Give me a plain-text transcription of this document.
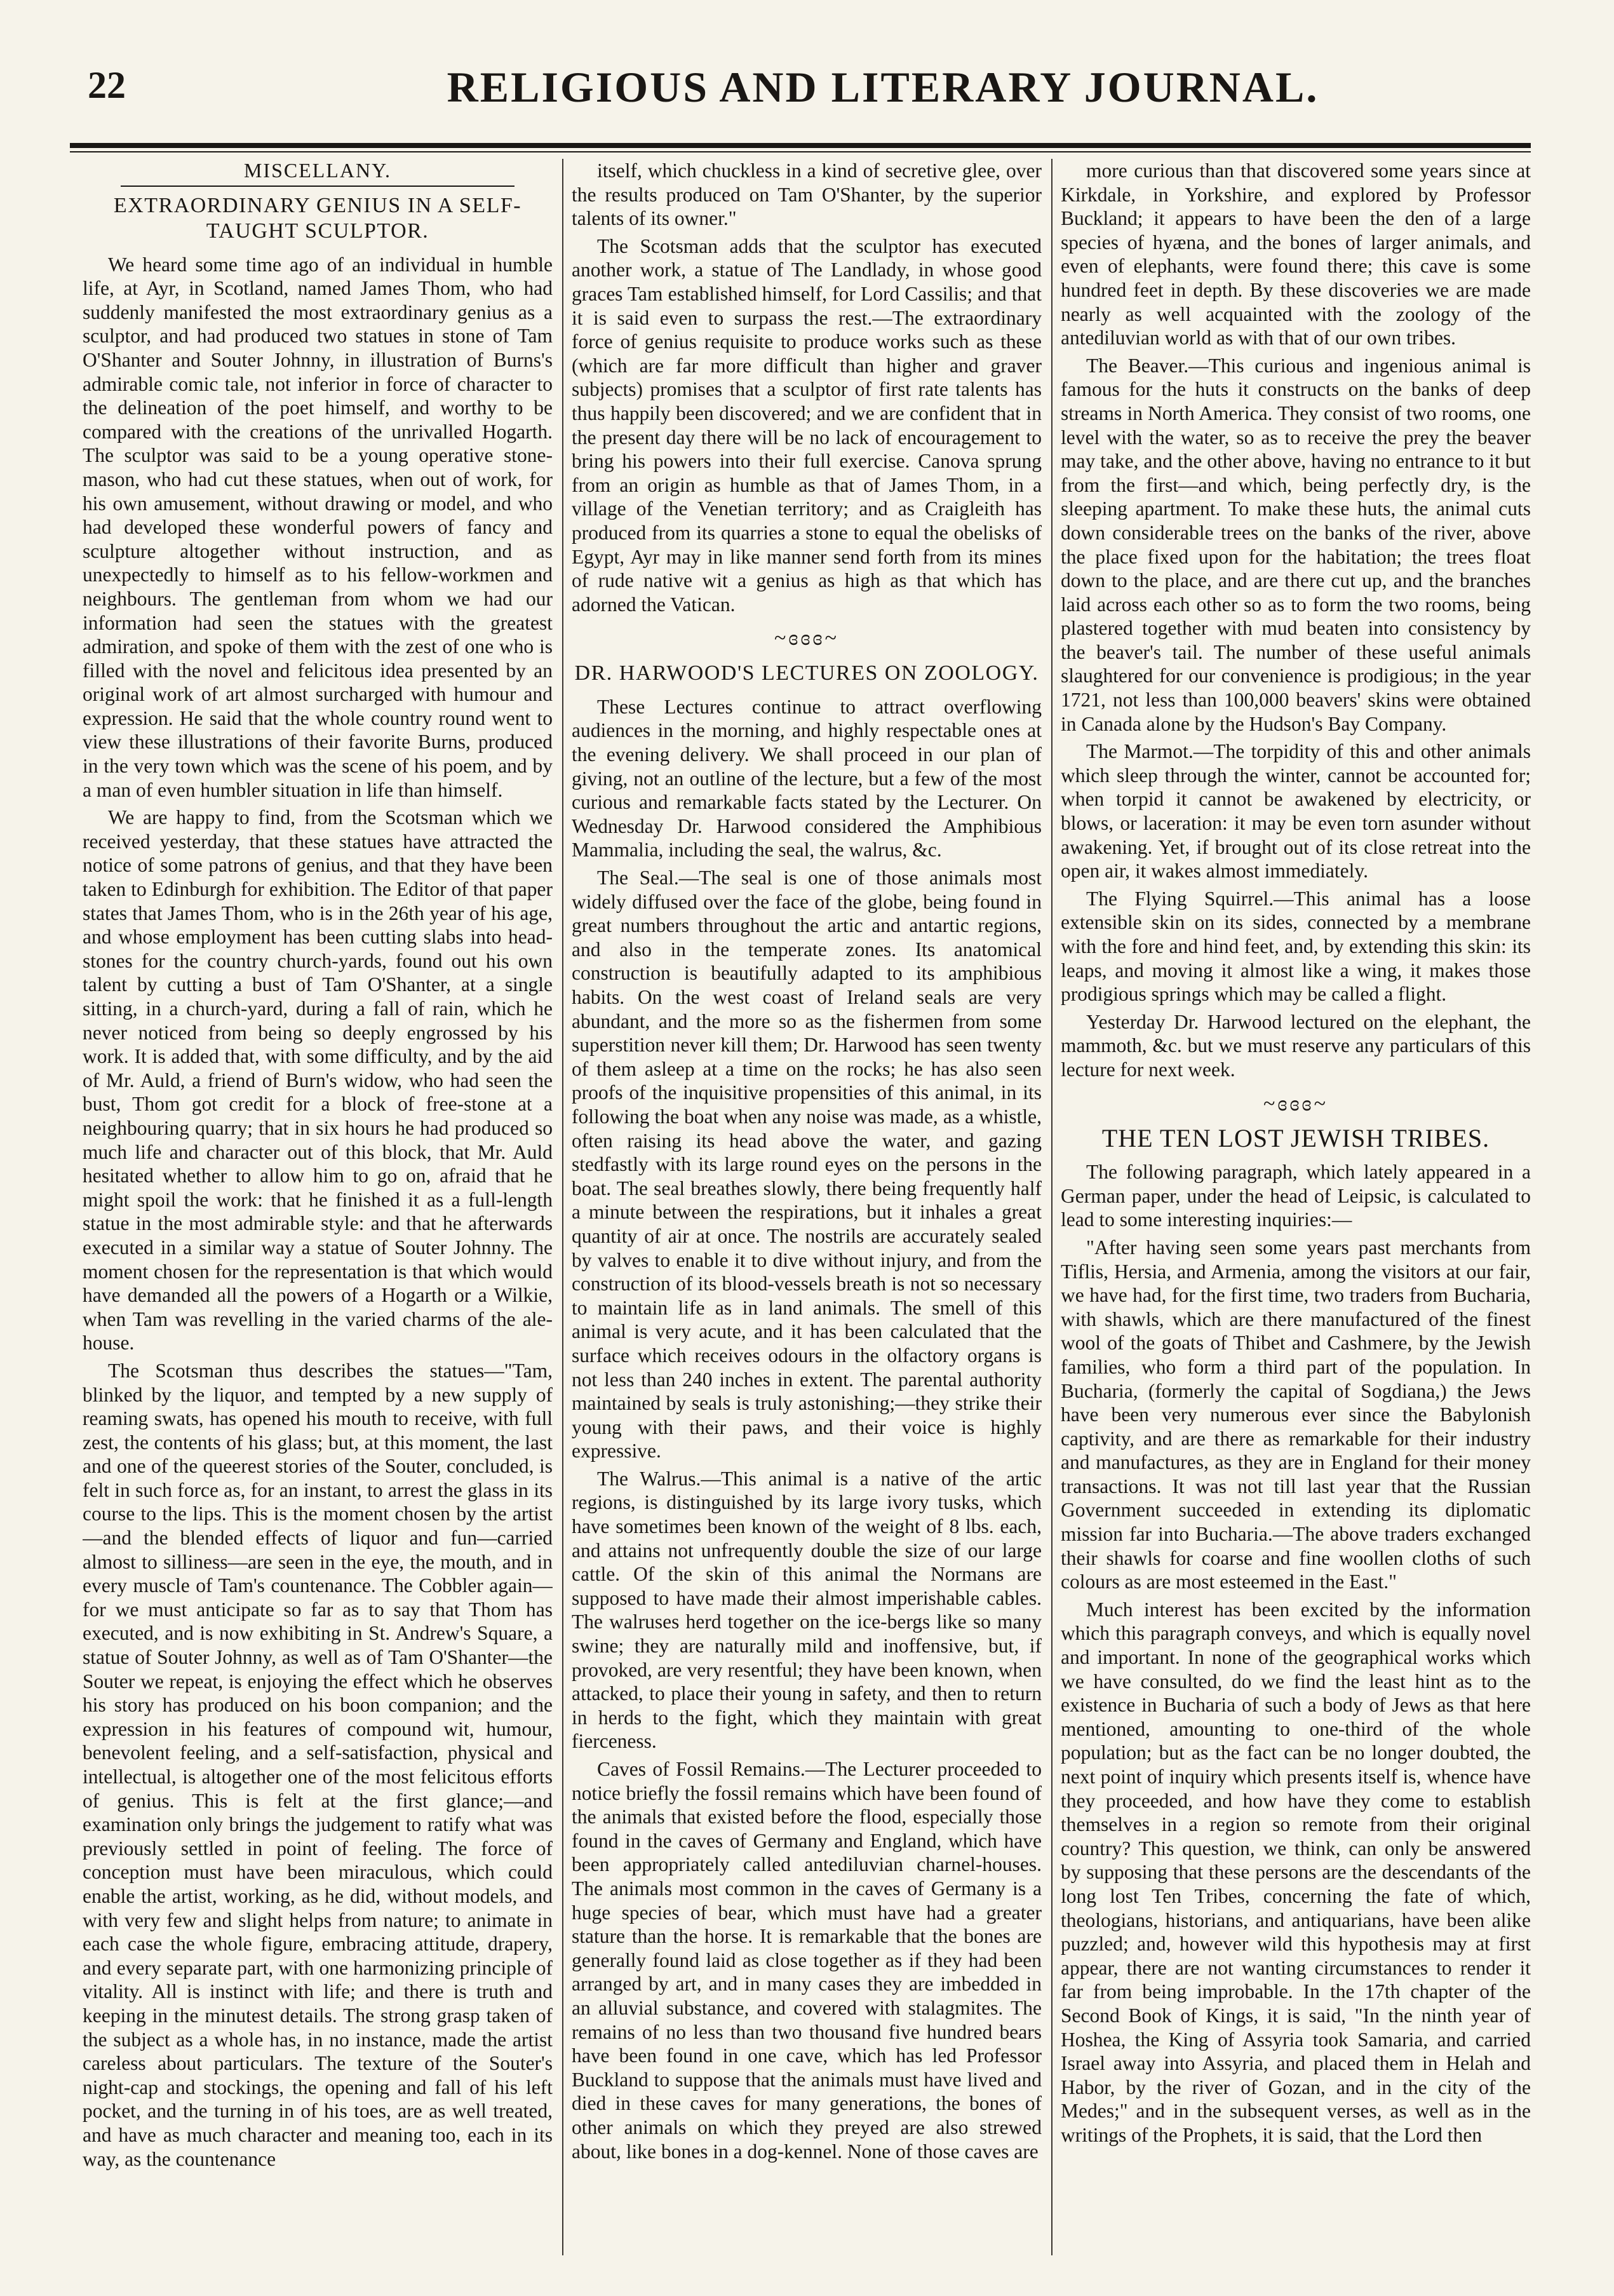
22	RELIGIOUS AND LITERARY JOURNAL.
MISCELLANY.
EXTRAORDINARY GENIUS IN A SELF-TAUGHT SCULPTOR.

We heard some time ago of an individual in humble life, at Ayr, in Scotland, named James Thom, who had suddenly manifested the most extraordinary genius as a sculptor, and had produced two statues in stone of Tam O'Shanter and Souter Johnny, in illustration of Burns's admirable comic tale, not inferior in force of character to the delineation of the poet himself, and worthy to be compared with the creations of the unrivalled Hogarth. The sculptor was said to be a young operative stone-mason, who had cut these statues, when out of work, for his own amusement, without drawing or model, and who had developed these wonderful powers of fancy and sculpture altogether without instruction, and as unexpectedly to himself as to his fellow-workmen and neighbours. The gentleman from whom we had our information had seen the statues with the greatest admiration, and spoke of them with the zest of one who is filled with the novel and felicitous idea presented by an original work of art almost surcharged with humour and expression. He said that the whole country round went to view these illustrations of their favorite Burns, produced in the very town which was the scene of his poem, and by a man of even humbler situation in life than himself.

We are happy to find, from the Scotsman which we received yesterday, that these statues have attracted the notice of some patrons of genius, and that they have been taken to Edinburgh for exhibition. The Editor of that paper states that James Thom, who is in the 26th year of his age, and whose employment has been cutting slabs into head-stones for the country church-yards, found out his own talent by cutting a bust of Tam O'Shanter, at a single sitting, in a church-yard, during a fall of rain, which he never noticed from being so deeply engrossed by his work. It is added that, with some difficulty, and by the aid of Mr. Auld, a friend of Burn's widow, who had seen the bust, Thom got credit for a block of free-stone at a neighbouring quarry; that in six hours he had produced so much life and character out of this block, that Mr. Auld hesitated whether to allow him to go on, afraid that he might spoil the work: that he finished it as a full-length statue in the most admirable style: and that he afterwards executed in a similar way a statue of Souter Johnny. The moment chosen for the representation is that which would have demanded all the powers of a Hogarth or a Wilkie, when Tam was revelling in the varied charms of the ale-house.

The Scotsman thus describes the statues—"Tam, blinked by the liquor, and tempted by a new supply of reaming swats, has opened his mouth to receive, with full zest, the contents of his glass; but, at this moment, the last and one of the queerest stories of the Souter, concluded, is felt in such force as, for an instant, to arrest the glass in its course to the lips. This is the moment chosen by the artist—and the blended effects of liquor and fun—carried almost to silliness—are seen in the eye, the mouth, and in every muscle of Tam's countenance. The Cobbler again—for we must anticipate so far as to say that Thom has executed, and is now exhibiting in St. Andrew's Square, a statue of Souter Johnny, as well as of Tam O'Shanter—the Souter we repeat, is enjoying the effect which he observes his story has produced on his boon companion; and the expression in his features of compound wit, humour, benevolent feeling, and a self-satisfaction, physical and intellectual, is altogether one of the most felicitous efforts of genius. This is felt at the first glance;—and examination only brings the judgement to ratify what was previously settled in point of feeling. The force of conception must have been miraculous, which could enable the artist, working, as he did, without models, and with very few and slight helps from nature; to animate in each case the whole figure, embracing attitude, drapery, and every separate part, with one harmonizing principle of vitality. All is instinct with life; and there is truth and keeping in the minutest details. The strong grasp taken of the subject as a whole has, in no instance, made the artist careless about particulars. The texture of the Souter's night-cap and stockings, the opening and fall of his left pocket, and the turning in of his toes, are as well treated, and have as much character and meaning too, each in its way, as the countenance

itself, which chuckless in a kind of secretive glee, over the results produced on Tam O'Shanter, by the superior talents of its owner."

The Scotsman adds that the sculptor has executed another work, a statue of The Landlady, in whose good graces Tam established himself, for Lord Cassilis; and that it is said even to surpass the rest.—The extraordinary force of genius requisite to produce works such as these (which are far more difficult than higher and graver subjects) promises that a sculptor of first rate talents has thus happily been discovered; and we are confident that in the present day there will be no lack of encouragement to bring his powers into their full exercise. Canova sprung from an origin as humble as that of James Thom, in a village of the Venetian territory; and as Craigleith has produced from its quarries a stone to equal the obelisks of Egypt, Ayr may in like manner send forth from its mines of rude native wit a genius as high as that which has adorned the Vatican.

~ɞɞɞ~
DR. HARWOOD'S LECTURES ON ZOOLOGY.

These Lectures continue to attract overflowing audiences in the morning, and highly respectable ones at the evening delivery. We shall proceed in our plan of giving, not an outline of the lecture, but a few of the most curious and remarkable facts stated by the Lecturer. On Wednesday Dr. Harwood considered the Amphibious Mammalia, including the seal, the walrus, &c.

The Seal.—The seal is one of those animals most widely diffused over the face of the globe, being found in great numbers throughout the artic and antartic regions, and also in the temperate zones. Its anatomical construction is beautifully adapted to its amphibious habits. On the west coast of Ireland seals are very abundant, and the more so as the fishermen from some superstition never kill them; Dr. Harwood has seen twenty of them asleep at a time on the rocks; he has also seen proofs of the inquisitive propensities of this animal, in its following the boat when any noise was made, as a whistle, often raising its head above the water, and gazing stedfastly with its large round eyes on the persons in the boat. The seal breathes slowly, there being frequently half a minute between the respirations, but it inhales a great quantity of air at once. The nostrils are accurately sealed by valves to enable it to dive without injury, and from the construction of its blood-vessels breath is not so necessary to maintain life as in land animals. The smell of this animal is very acute, and it has been calculated that the surface which receives odours in the olfactory organs is not less than 240 inches in extent. The parental authority maintained by seals is truly astonishing;—they strike their young with their paws, and their voice is highly expressive.

The Walrus.—This animal is a native of the artic regions, is distinguished by its large ivory tusks, which have sometimes been known of the weight of 8 lbs. each, and attains not unfrequently double the size of our large cattle. Of the skin of this animal the Normans are supposed to have made their almost imperishable cables. The walruses herd together on the ice-bergs like so many swine; they are naturally mild and inoffensive, but, if provoked, are very resentful; they have been known, when attacked, to place their young in safety, and then to return in herds to the fight, which they maintain with great fierceness.

Caves of Fossil Remains.—The Lecturer proceeded to notice briefly the fossil remains which have been found of the animals that existed before the flood, especially those found in the caves of Germany and England, which have been appropriately called antediluvian charnel-houses. The animals most common in the caves of Germany is a huge species of bear, which must have had a greater stature than the horse. It is remarkable that the bones are generally found laid as close together as if they had been arranged by art, and in many cases they are imbedded in an alluvial substance, and covered with stalagmites. The remains of no less than two thousand five hundred bears have been found in one cave, which has led Professor Buckland to suppose that the animals must have lived and died in these caves for many generations, the bones of other animals on which they preyed are also strewed about, like bones in a dog-kennel. None of those caves are

more curious than that discovered some years since at Kirkdale, in Yorkshire, and explored by Professor Buckland; it appears to have been the den of a large species of hyæna, and the bones of larger animals, and even of elephants, were found there; this cave is some hundred feet in depth. By these discoveries we are made nearly as well acquainted with the zoology of the antediluvian world as with that of our own tribes.

The Beaver.—This curious and ingenious animal is famous for the huts it constructs on the banks of deep streams in North America. They consist of two rooms, one level with the water, so as to receive the prey the beaver may take, and the other above, having no entrance to it but from the first—and which, being perfectly dry, is the sleeping apartment. To make these huts, the animal cuts down considerable trees on the banks of the river, above the place fixed upon for the habitation; the trees float down to the place, and are there cut up, and the branches laid across each other so as to form the two rooms, being plastered together with mud beaten into consistency by the beaver's tail. The number of these useful animals slaughtered for our convenience is prodigious; in the year 1721, not less than 100,000 beavers' skins were obtained in Canada alone by the Hudson's Bay Company.

The Marmot.—The torpidity of this and other animals which sleep through the winter, cannot be accounted for; when torpid it cannot be awakened by electricity, or blows, or laceration: it may be even torn asunder without awakening. Yet, if brought out of its close retreat into the open air, it wakes almost immediately.

The Flying Squirrel.—This animal has a loose extensible skin on its sides, connected by a membrane with the fore and hind feet, and, by extending this skin: its leaps, and moving it almost like a wing, it makes those prodigious springs which may be called a flight.

Yesterday Dr. Harwood lectured on the elephant, the mammoth, &c. but we must reserve any particulars of this lecture for next week.

~ɞɞɞ~
THE TEN LOST JEWISH TRIBES.

The following paragraph, which lately appeared in a German paper, under the head of Leipsic, is calculated to lead to some interesting inquiries:—

"After having seen some years past merchants from Tiflis, Hersia, and Armenia, among the visitors at our fair, we have had, for the first time, two traders from Bucharia, with shawls, which are there manufactured of the finest wool of the goats of Thibet and Cashmere, by the Jewish families, who form a third part of the population. In Bucharia, (formerly the capital of Sogdiana,) the Jews have been very numerous ever since the Babylonish captivity, and are there as remarkable for their industry and manufactures, as they are in England for their money transactions. It was not till last year that the Russian Government succeeded in extending its diplomatic mission far into Bucharia.—The above traders exchanged their shawls for coarse and fine woollen cloths of such colours as are most esteemed in the East."

Much interest has been excited by the information which this paragraph conveys, and which is equally novel and important. In none of the geographical works which we have consulted, do we find the least hint as to the existence in Bucharia of such a body of Jews as that here mentioned, amounting to one-third of the whole population; but as the fact can be no longer doubted, the next point of inquiry which presents itself is, whence have they proceeded, and how have they come to establish themselves in a region so remote from their original country? This question, we think, can only be answered by supposing that these persons are the descendants of the long lost Ten Tribes, concerning the fate of which, theologians, historians, and antiquarians, have been alike puzzled; and, however wild this hypothesis may at first appear, there are not wanting circumstances to render it far from being improbable. In the 17th chapter of the Second Book of Kings, it is said, "In the ninth year of Hoshea, the King of Assyria took Samaria, and carried Israel away into Assyria, and placed them in Helah and Habor, by the river of Gozan, and in the city of the Medes;" and in the subsequent verses, as well as in the writings of the Prophets, it is said, that the Lord then
